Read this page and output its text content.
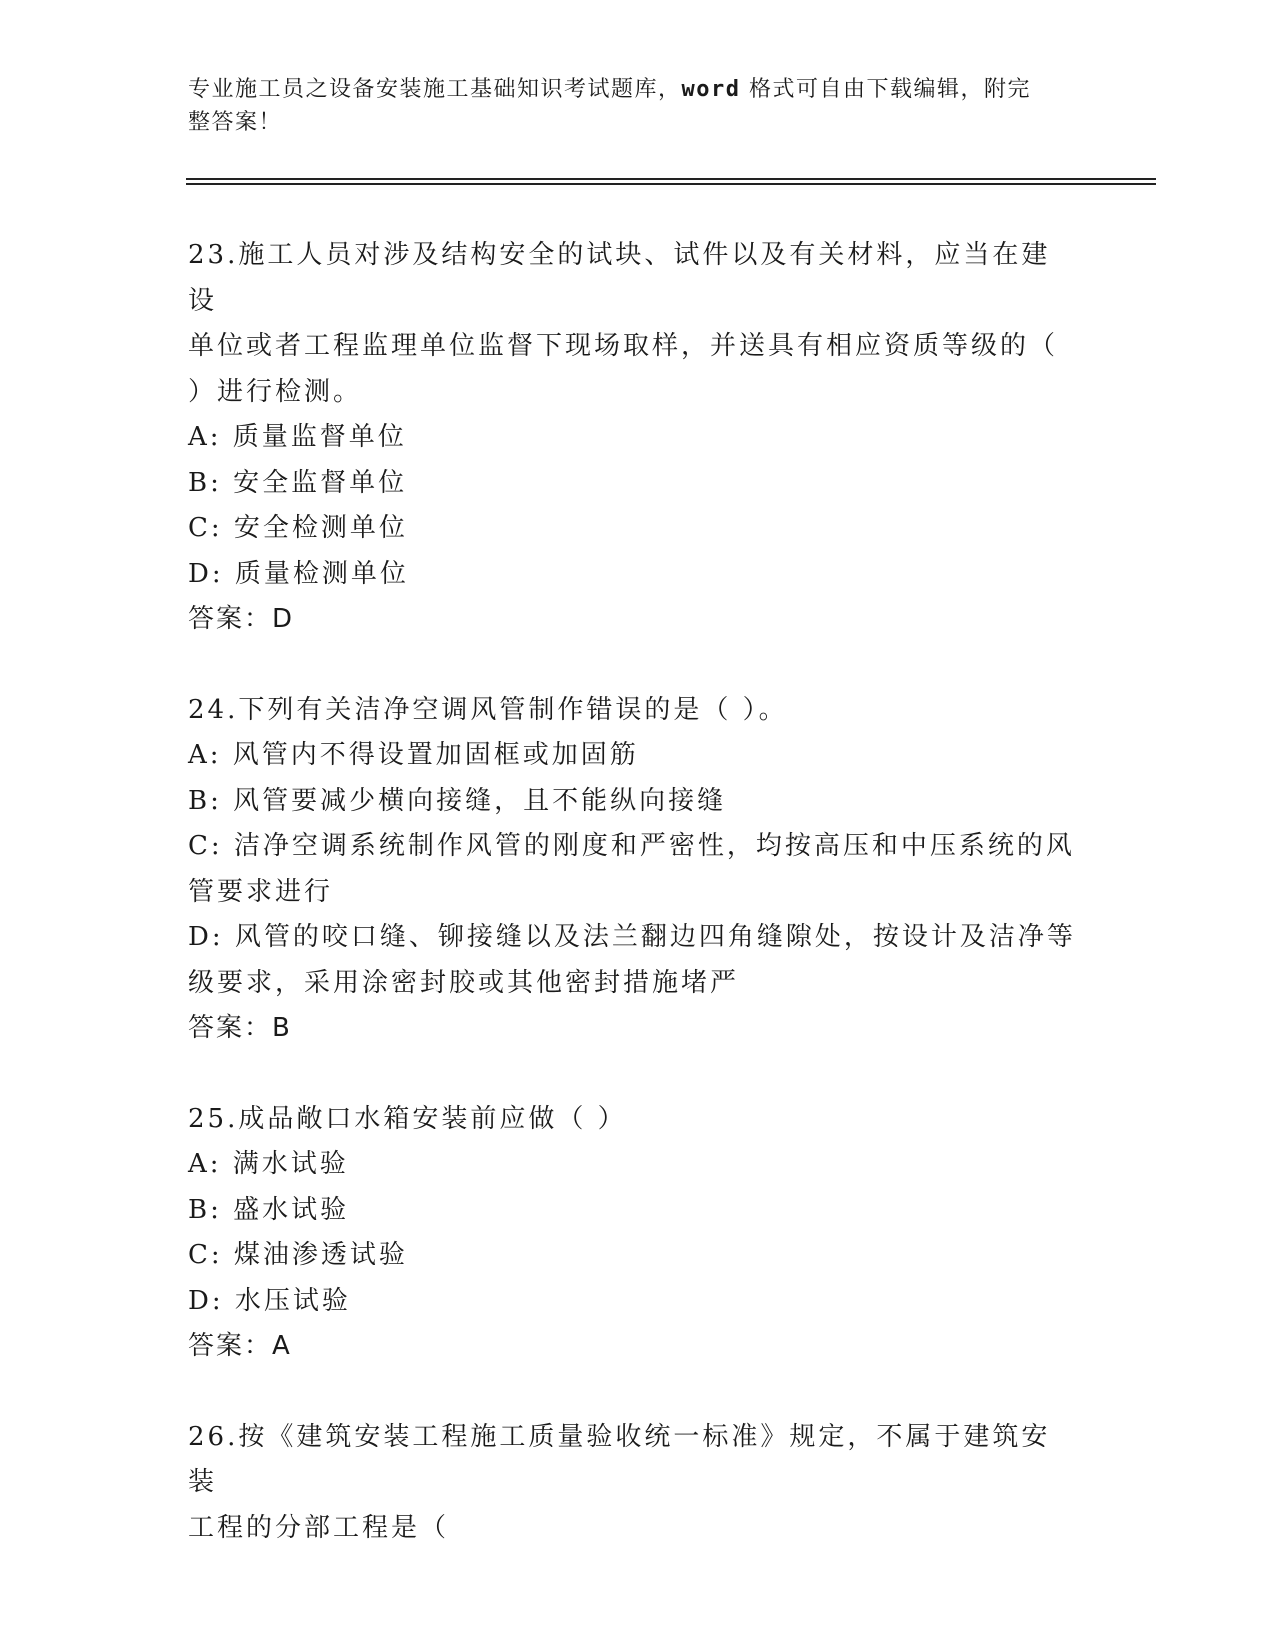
专业施工员之设备安装施工基础知识考试题库，word 格式可自由下载编辑，附完
整答案！
23.施工人员对涉及结构安全的试块、试件以及有关材料，应当在建设
单位或者工程监理单位监督下现场取样，并送具有相应资质等级的（
）进行检测。
A: 质量监督单位
B: 安全监督单位
C: 安全检测单位
D: 质量检测单位
答案：D
24.下列有关洁净空调风管制作错误的是（ ）。
A: 风管内不得设置加固框或加固筋
B: 风管要减少横向接缝，且不能纵向接缝
C: 洁净空调系统制作风管的刚度和严密性，均按高压和中压系统的风
管要求进行
D: 风管的咬口缝、铆接缝以及法兰翻边四角缝隙处，按设计及洁净等
级要求，采用涂密封胶或其他密封措施堵严
答案：B
25.成品敞口水箱安装前应做（ ）
A: 满水试验
B: 盛水试验
C: 煤油渗透试验
D: 水压试验
答案：A
26.按《建筑安装工程施工质量验收统一标准》规定，不属于建筑安装
工程的分部工程是（
